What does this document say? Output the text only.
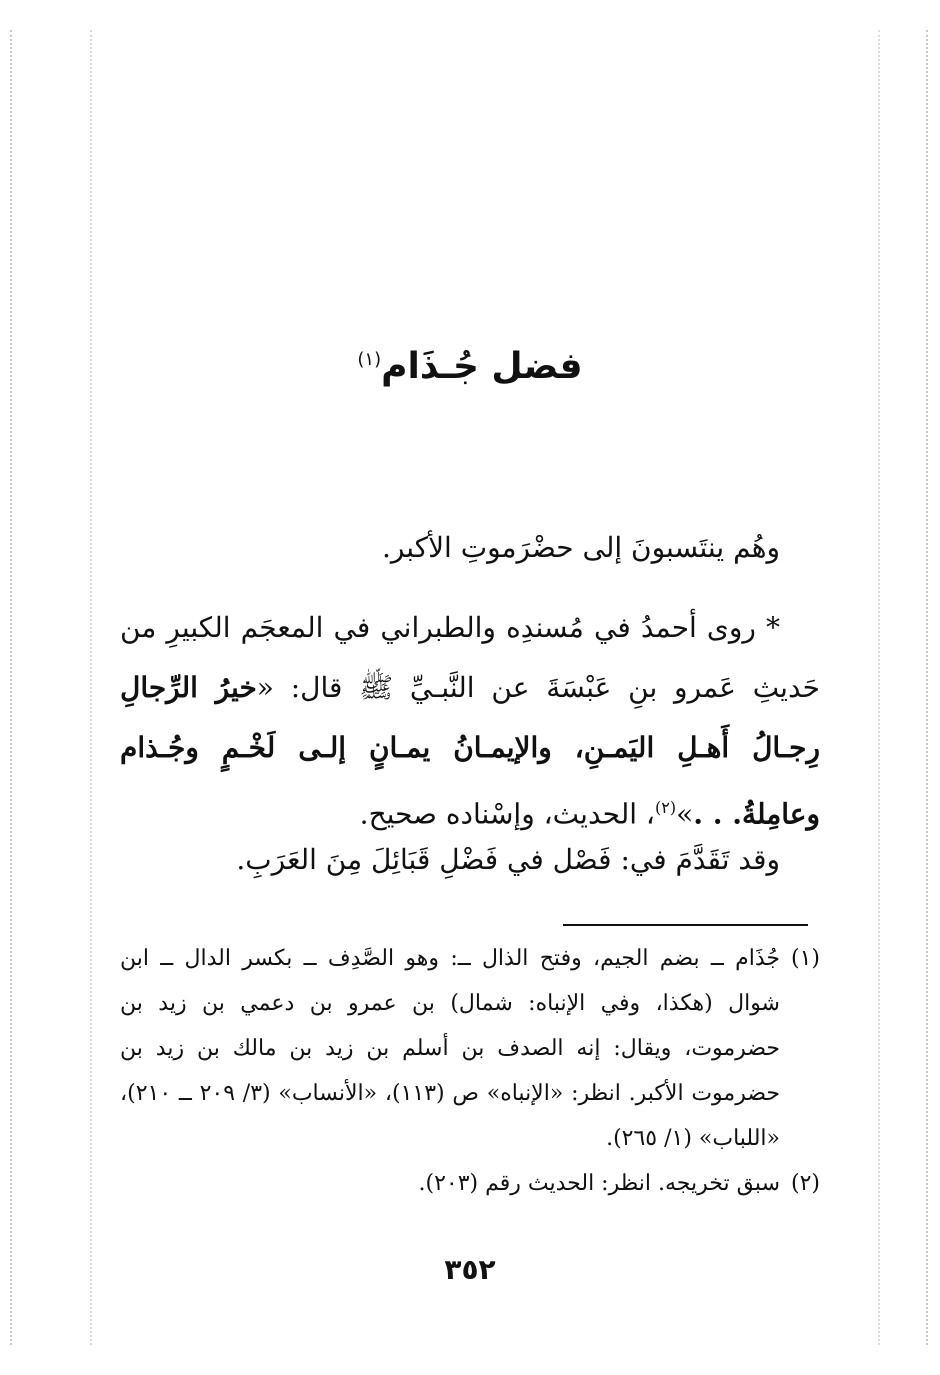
فضل جُـذَام$^{(١)}$

وهُم ينتَسبونَ إلى حضْرَموتِ الأكبر.

* روى أحمدُ في مُسندِه والطبراني في المعجَم الكبيرِ من حَديثِ عَمرو بنِ عَبْسَةَ عن النَّبـيِّ ﷺ قال: «خيرُ الرِّجالِ رِجـالُ أَهـلِ اليَمـنِ، والإيمـانُ يمـانٍ إلـى لَخْـمٍ وجُـذام وعامِلةُ. . .»$^{(٢)}$، الحديث، وإسْناده صحيح.

وقد تَقَدَّمَ في: فَصْل في فَضْلِ قَبَائِلَ مِنَ العَرَبِ.

(١)
جُذَام ــ بضم الجيم، وفتح الذال ــ: وهو الصَّدِف ــ بكسر الدال ــ ابن شوال (هكذا، وفي الإنباه: شمال) بن عمرو بن دعمي بن زيد بن حضرموت، ويقال: إنه الصدف بن أسلم بن زيد بن مالك بن زيد بن حضرموت الأكبر. انظر: «الإنباه» ص (١١٣)، «الأنساب» (٣/ ٢٠٩ ــ ٢١٠)، «اللباب» (١/ ٢٦٥).

(٢)
سبق تخريجه. انظر: الحديث رقم (٢٠٣).

٣٥٢
